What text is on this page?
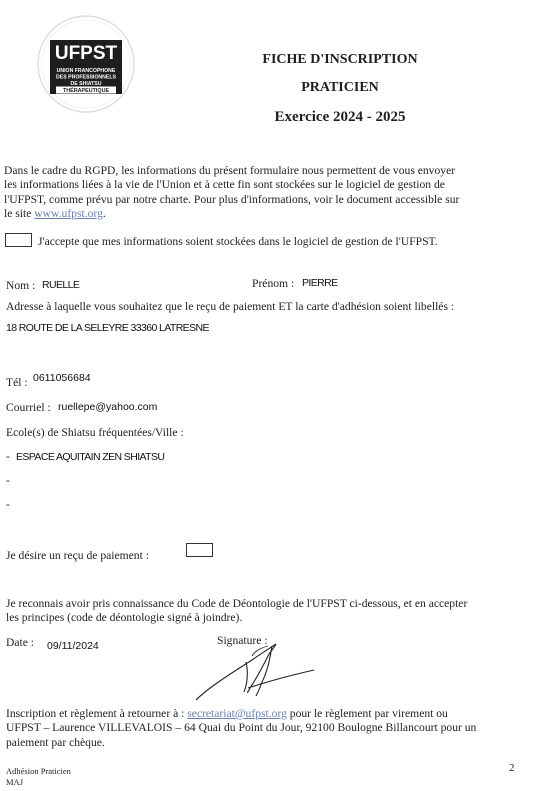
UFPST
UNION FRANCOPHONE
DES PROFESSIONNELS
DE SHIATSU
THÉRAPEUTIQUE
FICHE D'INSCRIPTION
PRATICIEN
Exercice 2024 - 2025
Dans le cadre du RGPD, les informations du présent formulaire nous permettent de vous envoyer
les informations liées à la vie de l'Union et à cette fin sont stockées sur le logiciel de gestion de
l'UFPST, comme prévu par notre charte. Pour plus d'informations, voir le document accessible sur
le site www.ufpst.org.
J'accepte que mes informations soient stockées dans le logiciel de gestion de l'UFPST.
Nom : RUELLE	Prénom : PIERRE
Adresse à laquelle vous souhaitez que le reçu de paiement ET la carte d'adhésion soient libellés :
18 ROUTE DE LA SELEYRE 33360 LATRESNE
Tél : 0611056684
Courriel : ruellepe@yahoo.com
Ecole(s) de Shiatsu fréquentées/Ville :
- ESPACE AQUITAIN ZEN SHIATSU
-
-
Je désire un reçu de paiement :
Je reconnais avoir pris connaissance du Code de Déontologie de l'UFPST ci-dessous, et en accepter
les principes (code de déontologie signé à joindre).
Date : 09/11/2024	Signature :
Inscription et règlement à retourner à : secretariat@ufpst.org pour le règlement par virement ou
UFPST – Laurence VILLEVALOIS – 64 Quai du Point du Jour, 92100 Boulogne Billancourt pour un
paiement par chèque.
Adhésion Praticien
MAJ
2
